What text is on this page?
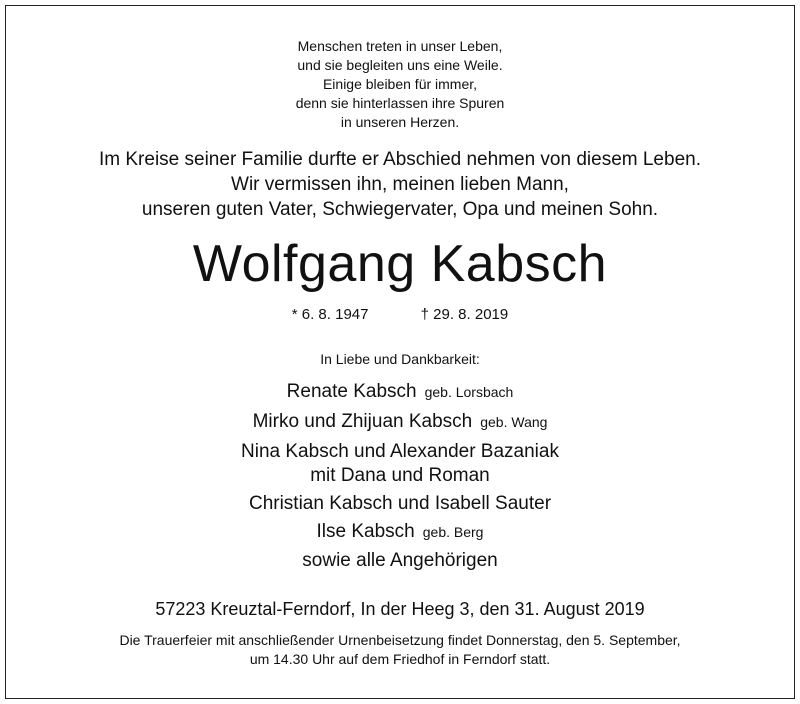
Menschen treten in unser Leben,
und sie begleiten uns eine Weile.
Einige bleiben für immer,
denn sie hinterlassen ihre Spuren
in unseren Herzen.
Im Kreise seiner Familie durfte er Abschied nehmen von diesem Leben.
Wir vermissen ihn, meinen lieben Mann,
unseren guten Vater, Schwiegervater, Opa und meinen Sohn.
Wolfgang Kabsch
* 6. 8. 1947	† 29. 8. 2019
In Liebe und Dankbarkeit:
Renate Kabsch geb. Lorsbach
Mirko und Zhijuan Kabsch geb. Wang
Nina Kabsch und Alexander Bazaniak
mit Dana und Roman
Christian Kabsch und Isabell Sauter
Ilse Kabsch geb. Berg
sowie alle Angehörigen
57223 Kreuztal-Ferndorf, In der Heeg 3, den 31. August 2019
Die Trauerfeier mit anschließender Urnenbeisetzung findet Donnerstag, den 5. September,
um 14.30 Uhr auf dem Friedhof in Ferndorf statt.
